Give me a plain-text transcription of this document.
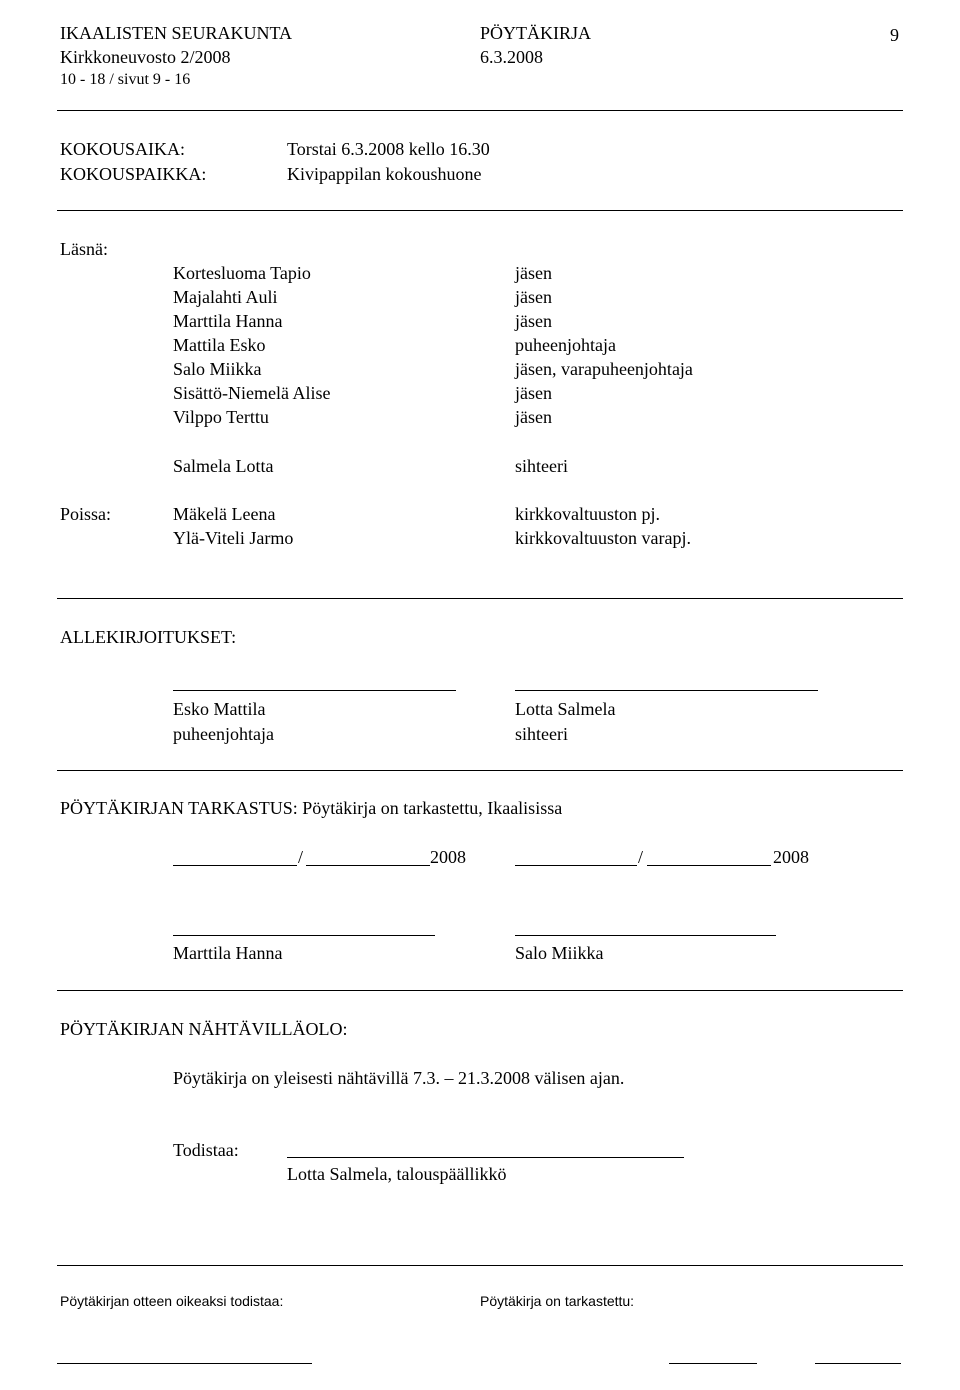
IKAALISTEN SEURAKUNTA	PÖYTÄKIRJA	9
Kirkkoneuvosto 2/2008	6.3.2008
10 - 18 / sivut 9 - 16
KOKOUSAIKA:	Torstai 6.3.2008 kello 16.30
KOKOUSPAIKKA:	Kivipappilan kokoushuone
Läsnä:
Kortesluoma Tapio	jäsen
Majalahti Auli	jäsen
Marttila Hanna	jäsen
Mattila Esko	puheenjohtaja
Salo Miikka	jäsen, varapuheenjohtaja
Sisättö-Niemelä Alise	jäsen
Vilppo Terttu	jäsen
Salmela Lotta	sihteeri
Poissa:	Mäkelä Leena	kirkkovaltuuston pj.
Ylä-Viteli Jarmo	kirkkovaltuuston varapj.
ALLEKIRJOITUKSET:
Esko Mattila	Lotta Salmela
puheenjohtaja	sihteeri
PÖYTÄKIRJAN TARKASTUS: Pöytäkirja on tarkastettu, Ikaalisissa
/	2008	/	2008
Marttila Hanna	Salo Miikka
PÖYTÄKIRJAN NÄHTÄVILLÄOLO:
Pöytäkirja on yleisesti nähtävillä 7.3. – 21.3.2008 välisen ajan.
Todistaa:
Lotta Salmela, talouspäällikkö
Pöytäkirjan otteen oikeaksi todistaa:	Pöytäkirja on tarkastettu:
